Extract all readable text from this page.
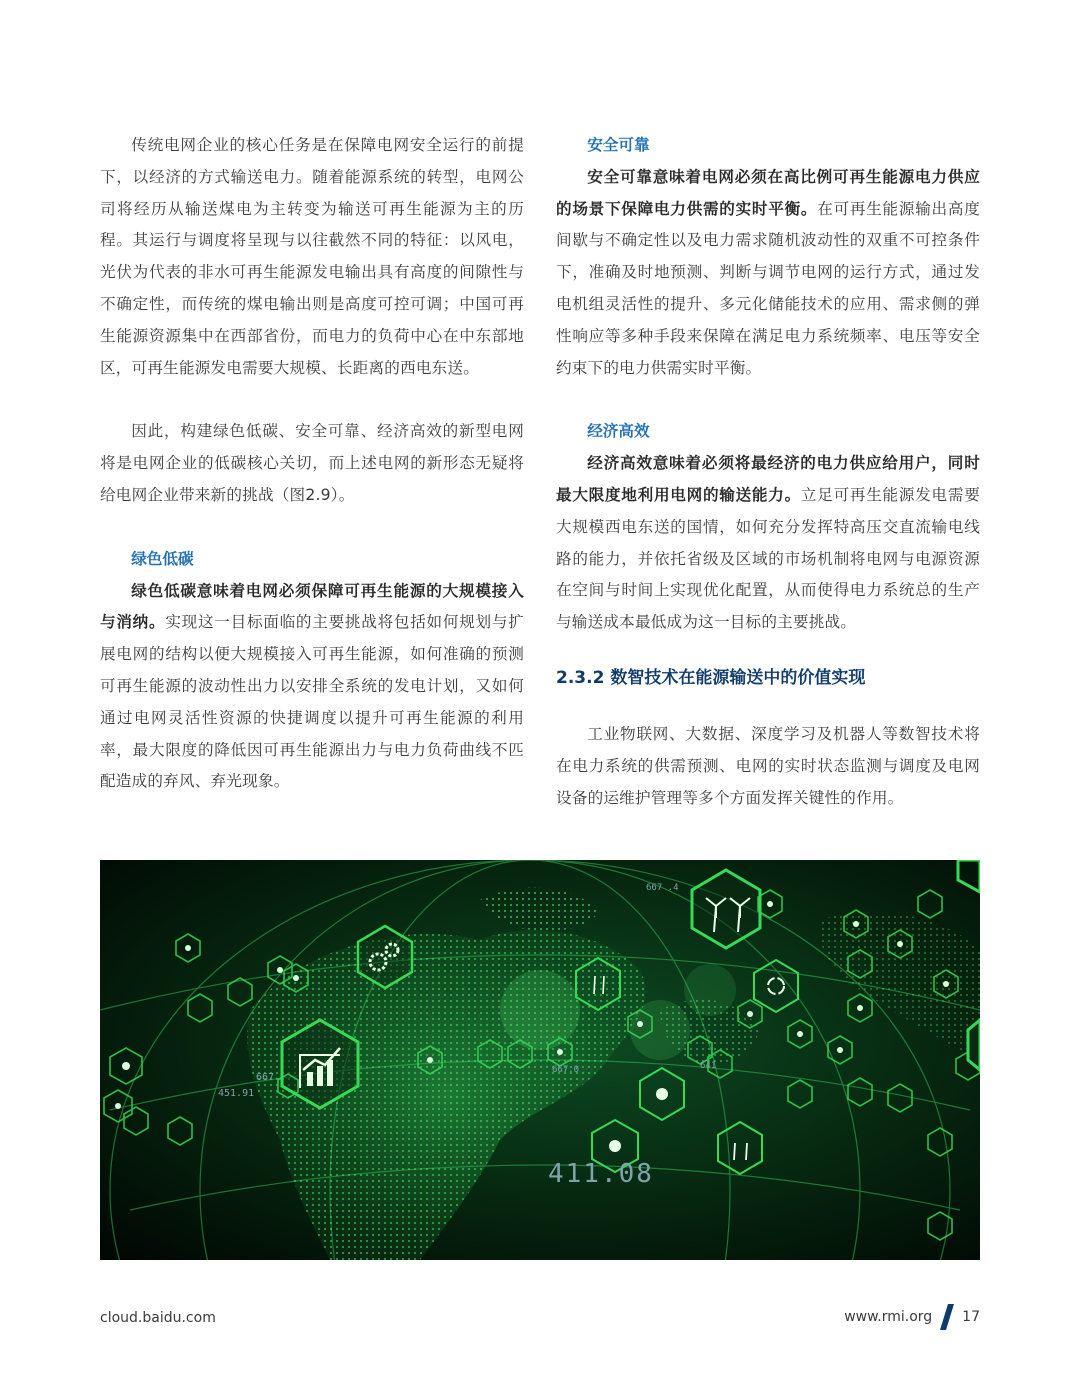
传统电网企业的核心任务是在保障电网安全运行的前提下，以经济的方式输送电力。随着能源系统的转型，电网公司将经历从输送煤电为主转变为输送可再生能源为主的历程。其运行与调度将呈现与以往截然不同的特征：以风电，光伏为代表的非水可再生能源发电输出具有高度的间隙性与不确定性，而传统的煤电输出则是高度可控可调；中国可再生能源资源集中在西部省份，而电力的负荷中心在中东部地区，可再生能源发电需要大规模、长距离的西电东送。

因此，构建绿色低碳、安全可靠、经济高效的新型电网将是电网企业的低碳核心关切，而上述电网的新形态无疑将给电网企业带来新的挑战（图2.9）。

绿色低碳

绿色低碳意味着电网必须保障可再生能源的大规模接入与消纳。实现这一目标面临的主要挑战将包括如何规划与扩展电网的结构以便大规模接入可再生能源，如何准确的预测可再生能源的波动性出力以安排全系统的发电计划，又如何通过电网灵活性资源的快捷调度以提升可再生能源的利用率，最大限度的降低因可再生能源出力与电力负荷曲线不匹配造成的弃风、弃光现象。

安全可靠

安全可靠意味着电网必须在高比例可再生能源电力供应的场景下保障电力供需的实时平衡。在可再生能源输出高度间歇与不确定性以及电力需求随机波动性的双重不可控条件下，准确及时地预测、判断与调节电网的运行方式，通过发电机组灵活性的提升、多元化储能技术的应用、需求侧的弹性响应等多种手段来保障在满足电力系统频率、电压等安全约束下的电力供需实时平衡。

经济高效

经济高效意味着必须将最经济的电力供应给用户，同时最大限度地利用电网的输送能力。立足可再生能源发电需要大规模西电东送的国情，如何充分发挥特高压交直流输电线路的能力，并依托省级及区域的市场机制将电网与电源资源在空间与时间上实现优化配置，从而使得电力系统总的生产与输送成本最低成为这一目标的主要挑战。

2.3.2 数智技术在能源输送中的价值实现

工业物联网、大数据、深度学习及机器人等数智技术将在电力系统的供需预测、电网的实时状态监测与调度及电网设备的运维护管理等多个方面发挥关键性的作用。

411.08
451.91
667
667.0	641
667 .4
cloud.baidu.com	www.rmi.org 17
